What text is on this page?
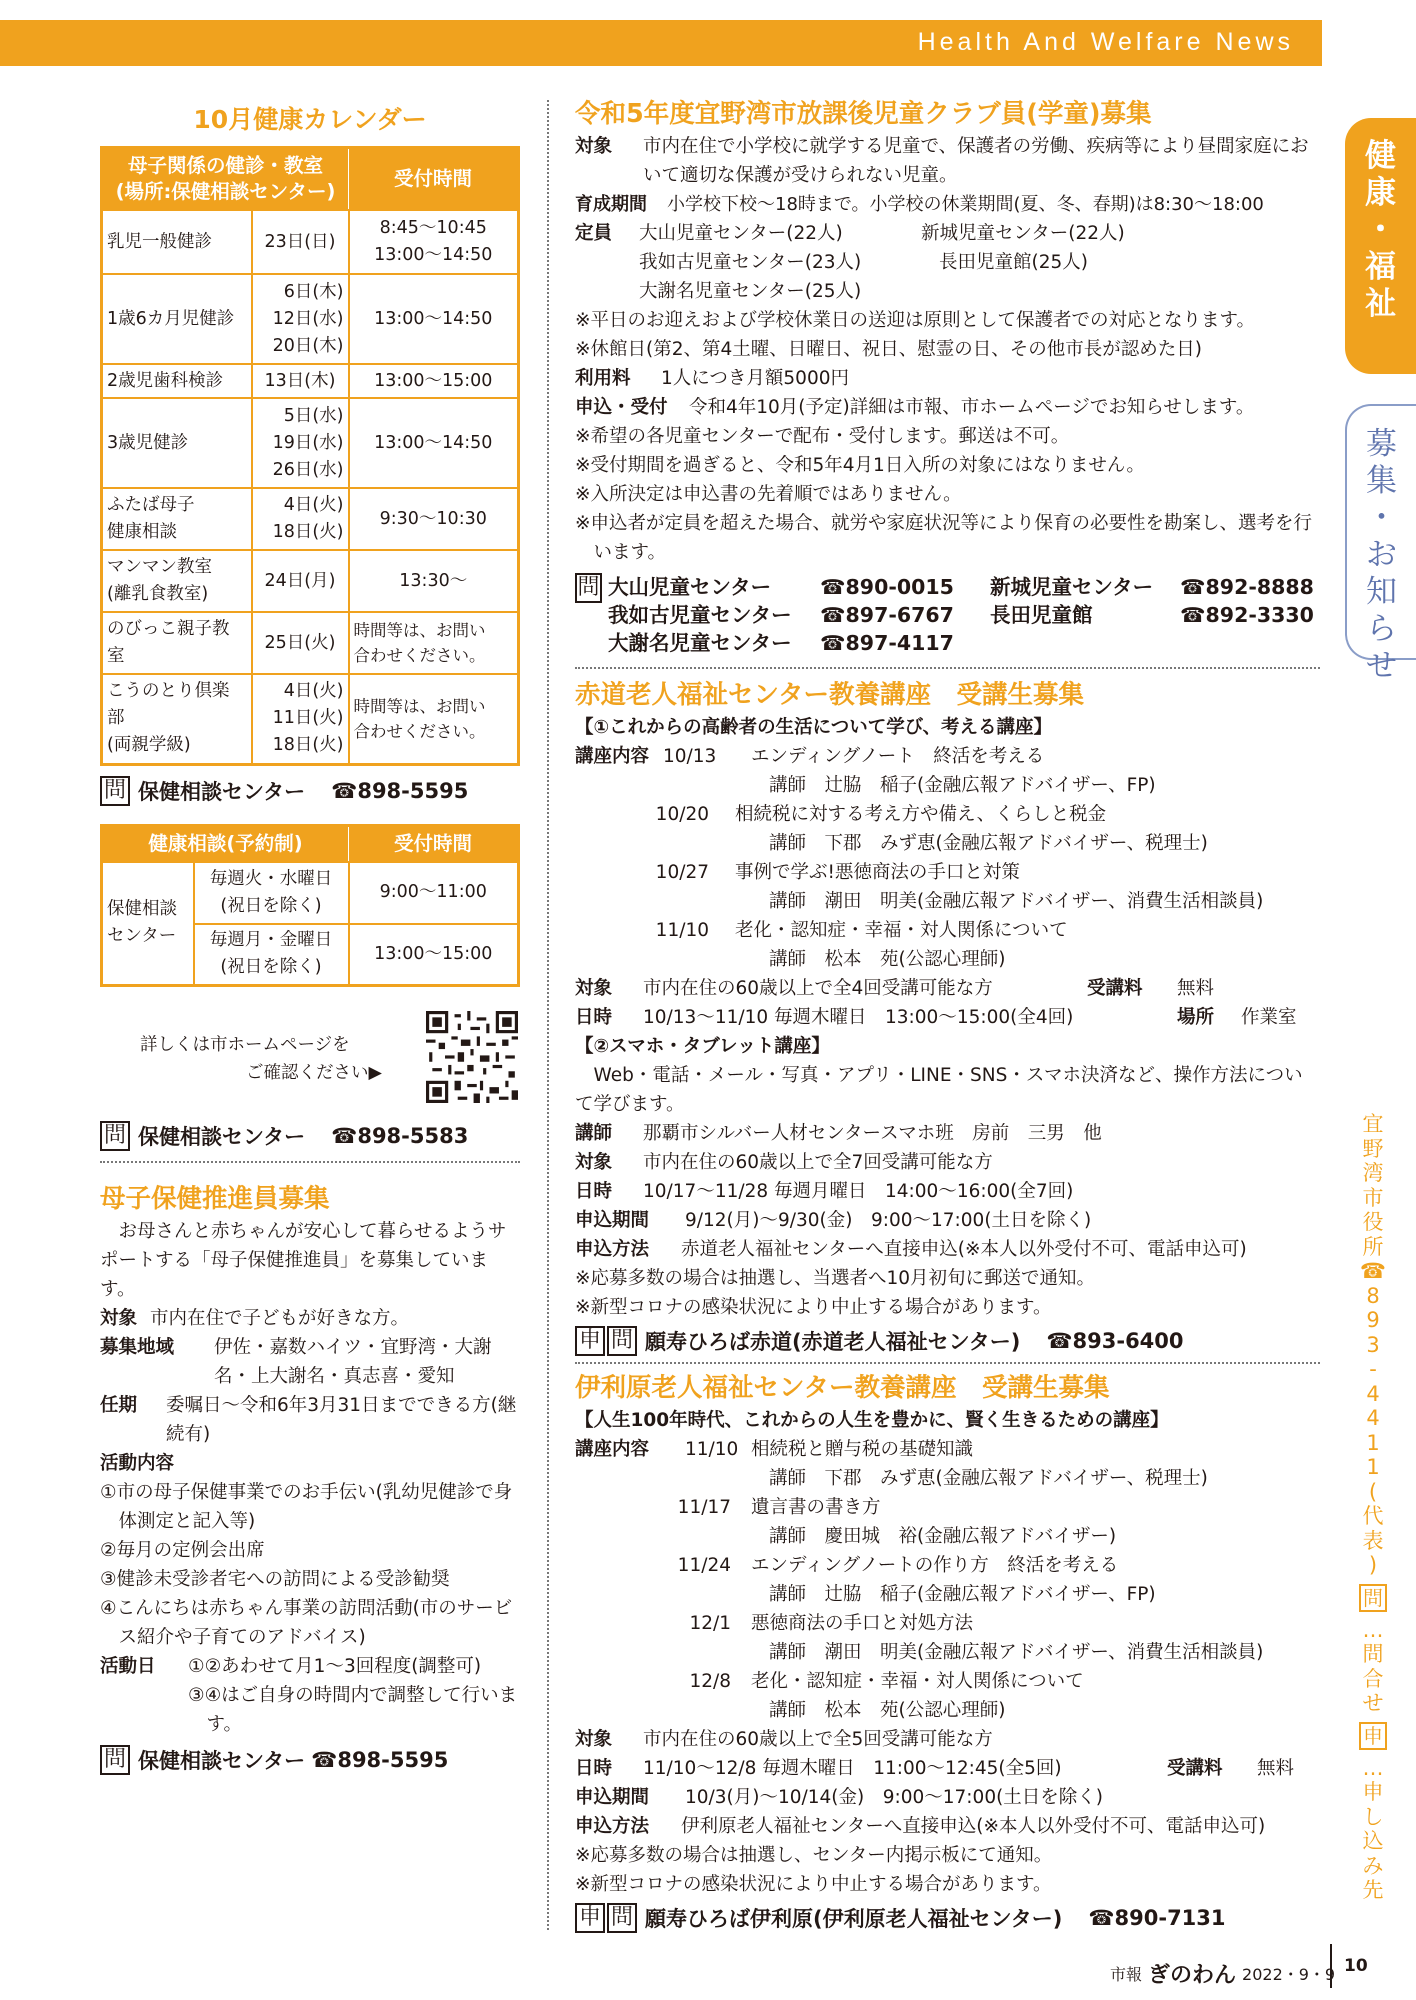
Health And Welfare News
健
康
・
福
祉
募
集
・
お
知
ら
せ
宜
野
湾
市
役
所
☎
8
9
3
-
4
4
1
1
(
代
表
)
問
…
問
合
せ
申
…
申
し
込
み
先
10月健康カレンダー
母子関係の健診・教室
(場所:保健相談センター)		受付時間
乳児一般健診	23日(日)	8:45～10:45
13:00～14:50
1歳6カ月児健診	6日(木)
12日(水)
20日(木)	13:00～14:50
2歳児歯科検診	13日(木)	13:00～15:00
3歳児健診	5日(水)
19日(水)
26日(水)	13:00～14:50
ふたば母子
健康相談	4日(火)
18日(火)	9:30～10:30
マンマン教室
(離乳食教室)	24日(月)	13:30～
のびっこ親子教室	25日(火)	時間等は、お問い
合わせください。
こうのとり倶楽部
(両親学級)	4日(火)
11日(火)
18日(火)	時間等は、お問い
合わせください。
問 保健相談センター ☎898-5595
健康相談(予約制)		受付時間
保健相談
センター	毎週火・水曜日
(祝日を除く)	9:00～11:00
	毎週月・金曜日
(祝日を除く)	13:00～15:00
詳しくは市ホームページを
ご確認ください▶
問 保健相談センター ☎898-5583
母子保健推進員募集
お母さんと赤ちゃんが安心して暮らせるようサポートする「母子保健推進員」を募集しています。
対象 市内在住で子どもが好きな方。
募集地域	伊佐・嘉数ハイツ・宜野湾・大謝名・上大謝名・真志喜・愛知
任期	委嘱日～令和6年3月31日までできる方(継続有)
活動内容
①市の母子保健事業でのお手伝い(乳幼児健診で身体測定と記入等)
②毎月の定例会出席
③健診未受診者宅への訪問による受診勧奨
④こんにちは赤ちゃん事業の訪問活動(市のサービス紹介や子育てのアドバイス)
活動日	①②あわせて月1～3回程度(調整可)
③④はご自身の時間内で調整して行います。
問 保健相談センター ☎898-5595
令和5年度宜野湾市放課後児童クラブ員(学童)募集
対象	市内在住で小学校に就学する児童で、保護者の労働、疾病等により昼間家庭において適切な保護が受けられない児童。
育成期間	小学校下校～18時まで。小学校の休業期間(夏、冬、春期)は8:30～18:00
定員	大山児童センター(22人)	新城児童センター(22人)
我如古児童センター(23人)	長田児童館(25人)
大謝名児童センター(25人)
※平日のお迎えおよび学校休業日の送迎は原則として保護者での対応となります。
※休館日(第2、第4土曜、日曜日、祝日、慰霊の日、その他市長が認めた日)
利用料	1人につき月額5000円
申込・受付	令和4年10月(予定)詳細は市報、市ホームページでお知らせします。
※希望の各児童センターで配布・受付します。郵送は不可。
※受付期間を過ぎると、令和5年4月1日入所の対象にはなりません。
※入所決定は申込書の先着順ではありません。
※申込者が定員を超えた場合、就労や家庭状況等により保育の必要性を勘案し、選考を行います。
問 大山児童センター	☎890-0015	新城児童センター	☎892-8888
我如古児童センター	☎897-6767	長田児童館	☎892-3330
大謝名児童センター	☎897-4117
赤道老人福祉センター教養講座　受講生募集
【①これからの高齢者の生活について学び、考える講座】
講座内容 10/13 エンディングノート　終活を考える
講師　辻脇　稲子(金融広報アドバイザー、FP)
10/20 相続税に対する考え方や備え、くらしと税金
講師　下郡　みず恵(金融広報アドバイザー、税理士)
10/27 事例で学ぶ!悪徳商法の手口と対策
講師　潮田　明美(金融広報アドバイザー、消費生活相談員)
11/10 老化・認知症・幸福・対人関係について
講師　松本　苑(公認心理師)
対象	市内在住の60歳以上で全4回受講可能な方	受講料	無料
日時	10/13～11/10 毎週木曜日　13:00～15:00(全4回)	場所	作業室
【②スマホ・タブレット講座】
Web・電話・メール・写真・アプリ・LINE・SNS・スマホ決済など、操作方法について学びます。
講師	那覇市シルバー人材センタースマホ班　房前　三男　他
対象	市内在住の60歳以上で全7回受講可能な方
日時	10/17～11/28 毎週月曜日　14:00～16:00(全7回)
申込期間	9/12(月)～9/30(金)　9:00～17:00(土日を除く)
申込方法	赤道老人福祉センターへ直接申込(※本人以外受付不可、電話申込可)
※応募多数の場合は抽選し、当選者へ10月初旬に郵送で通知。
※新型コロナの感染状況により中止する場合があります。
申 問 願寿ひろば赤道(赤道老人福祉センター) ☎893-6400
伊利原老人福祉センター教養講座　受講生募集
【人生100年時代、これからの人生を豊かに、賢く生きるための講座】
講座内容 11/10 相続税と贈与税の基礎知識
講師　下郡　みず恵(金融広報アドバイザー、税理士)
11/17 遺言書の書き方
講師　慶田城　裕(金融広報アドバイザー)
11/24 エンディングノートの作り方　終活を考える
講師　辻脇　稲子(金融広報アドバイザー、FP)
12/1 悪徳商法の手口と対処方法
講師　潮田　明美(金融広報アドバイザー、消費生活相談員)
12/8 老化・認知症・幸福・対人関係について
講師　松本　苑(公認心理師)
対象	市内在住の60歳以上で全5回受講可能な方
日時	11/10～12/8 毎週木曜日　11:00～12:45(全5回)	受講料	無料
申込期間	10/3(月)～10/14(金)　9:00～17:00(土日を除く)
申込方法	伊利原老人福祉センターへ直接申込(※本人以外受付不可、電話申込可)
※応募多数の場合は抽選し、センター内掲示板にて通知。
※新型コロナの感染状況により中止する場合があります。
申 問 願寿ひろば伊利原(伊利原老人福祉センター) ☎890-7131
市報 ぎのわん 2022・9・9 10
